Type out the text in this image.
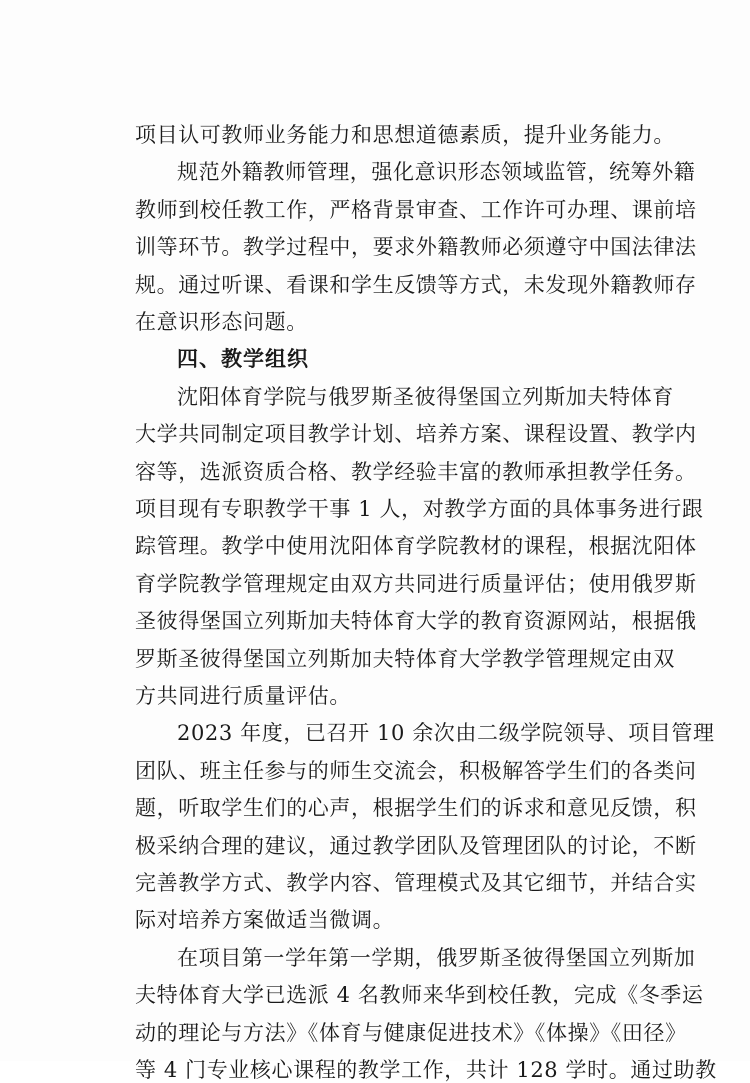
项目认可教师业务能力和思想道德素质，提升业务能力。
规范外籍教师管理，强化意识形态领域监管，统筹外籍
教师到校任教工作，严格背景审查、工作许可办理、课前培
训等环节。教学过程中，要求外籍教师必须遵守中国法律法
规。通过听课、看课和学生反馈等方式，未发现外籍教师存
在意识形态问题。
四、教学组织
沈阳体育学院与俄罗斯圣彼得堡国立列斯加夫特体育
大学共同制定项目教学计划、培养方案、课程设置、教学内
容等，选派资质合格、教学经验丰富的教师承担教学任务。
项目现有专职教学干事 1 人，对教学方面的具体事务进行跟
踪管理。教学中使用沈阳体育学院教材的课程，根据沈阳体
育学院教学管理规定由双方共同进行质量评估；使用俄罗斯
圣彼得堡国立列斯加夫特体育大学的教育资源网站，根据俄
罗斯圣彼得堡国立列斯加夫特体育大学教学管理规定由双
方共同进行质量评估。
2023 年度，已召开 10 余次由二级学院领导、项目管理
团队、班主任参与的师生交流会，积极解答学生们的各类问
题，听取学生们的心声，根据学生们的诉求和意见反馈，积
极采纳合理的建议，通过教学团队及管理团队的讨论，不断
完善教学方式、教学内容、管理模式及其它细节，并结合实
际对培养方案做适当微调。
在项目第一学年第一学期，俄罗斯圣彼得堡国立列斯加
夫特体育大学已选派 4 名教师来华到校任教，完成《冬季运
动的理论与方法》《体育与健康促进技术》《体操》《田径》
等 4 门专业核心课程的教学工作，共计 128 学时。通过助教
